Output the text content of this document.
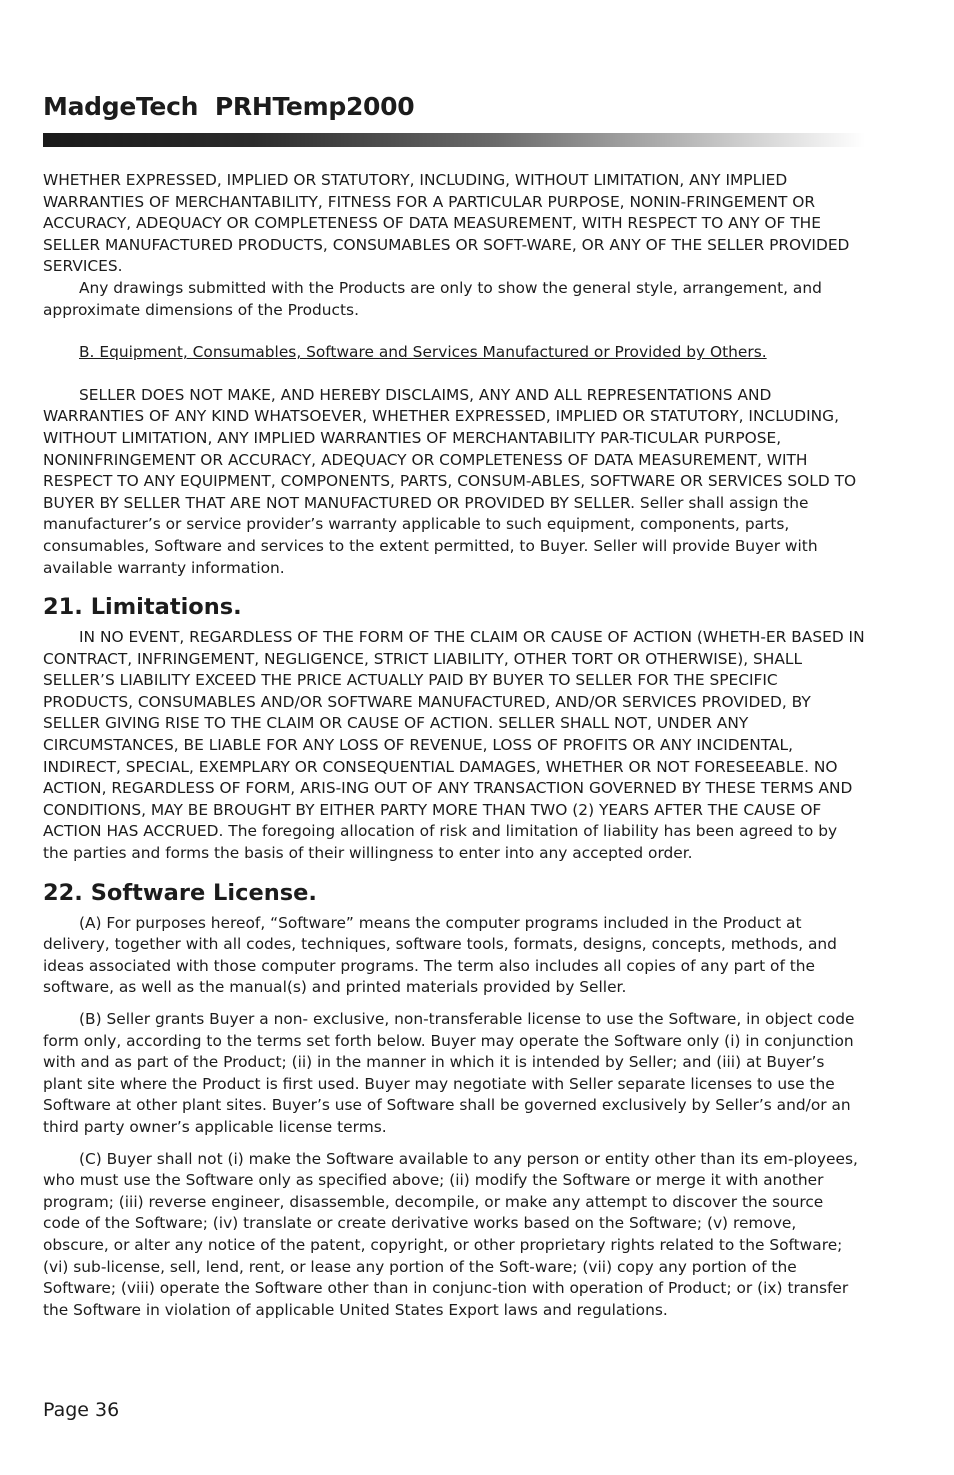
MadgeTech  PRHTemp2000

WHETHER EXPRESSED, IMPLIED OR STATUTORY, INCLUDING, WITHOUT LIMITATION, ANY IMPLIED WARRANTIES OF MERCHANTABILITY, FITNESS FOR A PARTICULAR PURPOSE, NONIN-FRINGEMENT OR ACCURACY, ADEQUACY OR COMPLETENESS OF DATA MEASUREMENT, WITH RESPECT TO ANY OF THE SELLER MANUFACTURED PRODUCTS, CONSUMABLES OR SOFT-WARE, OR ANY OF THE SELLER PROVIDED SERVICES.

Any drawings submitted with the Products are only to show the general style, arrangement, and approximate dimensions of the Products.

B. Equipment, Consumables, Software and Services Manufactured or Provided by Others.

SELLER DOES NOT MAKE, AND HEREBY DISCLAIMS, ANY AND ALL REPRESENTATIONS AND WARRANTIES OF ANY KIND WHATSOEVER, WHETHER EXPRESSED, IMPLIED OR STATUTORY, INCLUDING, WITHOUT LIMITATION, ANY IMPLIED WARRANTIES OF MERCHANTABILITY PAR-TICULAR PURPOSE, NONINFRINGEMENT OR ACCURACY, ADEQUACY OR COMPLETENESS OF DATA MEASUREMENT, WITH RESPECT TO ANY EQUIPMENT, COMPONENTS, PARTS, CONSUM-ABLES, SOFTWARE OR SERVICES SOLD TO BUYER BY SELLER THAT ARE NOT MANUFACTURED OR PROVIDED BY SELLER. Seller shall assign the manufacturer’s or service provider’s warranty applicable to such equipment, components, parts, consumables, Software and services to the extent permitted, to Buyer. Seller will provide Buyer with available warranty information.

21. Limitations.

IN NO EVENT, REGARDLESS OF THE FORM OF THE CLAIM OR CAUSE OF ACTION (WHETH-ER BASED IN CONTRACT, INFRINGEMENT, NEGLIGENCE, STRICT LIABILITY, OTHER TORT OR OTHERWISE), SHALL SELLER’S LIABILITY EXCEED THE PRICE ACTUALLY PAID BY BUYER TO SELLER FOR THE SPECIFIC PRODUCTS, CONSUMABLES AND/OR SOFTWARE MANUFACTURED, AND/OR SERVICES PROVIDED, BY SELLER GIVING RISE TO THE CLAIM OR CAUSE OF ACTION. SELLER SHALL NOT, UNDER ANY CIRCUMSTANCES, BE LIABLE FOR ANY LOSS OF REVENUE, LOSS OF PROFITS OR ANY INCIDENTAL, INDIRECT, SPECIAL, EXEMPLARY OR CONSEQUENTIAL DAMAGES, WHETHER OR NOT FORESEEABLE. NO ACTION, REGARDLESS OF FORM, ARIS-ING OUT OF ANY TRANSACTION GOVERNED BY THESE TERMS AND CONDITIONS, MAY BE BROUGHT BY EITHER PARTY MORE THAN TWO (2) YEARS AFTER THE CAUSE OF ACTION HAS ACCRUED. The foregoing allocation of risk and limitation of liability has been agreed to by the parties and forms the basis of their willingness to enter into any accepted order.

22. Software License.

(A) For purposes hereof, “Software” means the computer programs included in the Product at delivery, together with all codes, techniques, software tools, formats, designs, concepts, methods, and ideas associated with those computer programs. The term also includes all copies of any part of the software, as well as the manual(s) and printed materials provided by Seller.

(B) Seller grants Buyer a non- exclusive, non-transferable license to use the Software, in object code form only, according to the terms set forth below. Buyer may operate the Software only (i) in conjunction with and as part of the Product; (ii) in the manner in which it is intended by Seller; and (iii) at Buyer’s plant site where the Product is first used. Buyer may negotiate with Seller separate licenses to use the Software at other plant sites. Buyer’s use of Software shall be governed exclusively by Seller’s and/or an third party owner’s applicable license terms.

(C) Buyer shall not (i) make the Software available to any person or entity other than its em-ployees, who must use the Software only as specified above; (ii) modify the Software or merge it with another program; (iii) reverse engineer, disassemble, decompile, or make any attempt to discover the source code of the Software; (iv) translate or create derivative works based on the Software; (v) remove, obscure, or alter any notice of the patent, copyright, or other proprietary rights related to the Software; (vi) sub-license, sell, lend, rent, or lease any portion of the Soft-ware; (vii) copy any portion of the Software; (viii) operate the Software other than in conjunc-tion with operation of Product; or (ix) transfer the Software in violation of applicable United States Export laws and regulations.

Page 36
